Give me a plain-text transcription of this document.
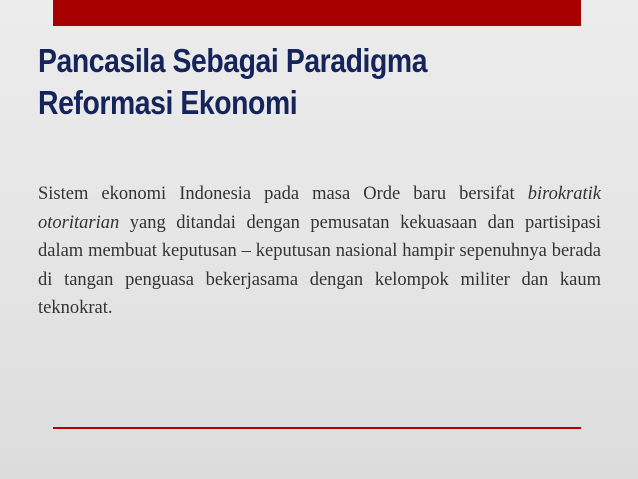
Pancasila Sebagai Paradigma
Reformasi Ekonomi

Sistem ekonomi Indonesia pada masa Orde baru bersifat birokratik otoritarian yang ditandai dengan pemusatan kekuasaan dan partisipasi dalam membuat keputusan – keputusan nasional hampir sepenuhnya berada di tangan penguasa bekerjasama dengan kelompok militer dan kaum teknokrat.
